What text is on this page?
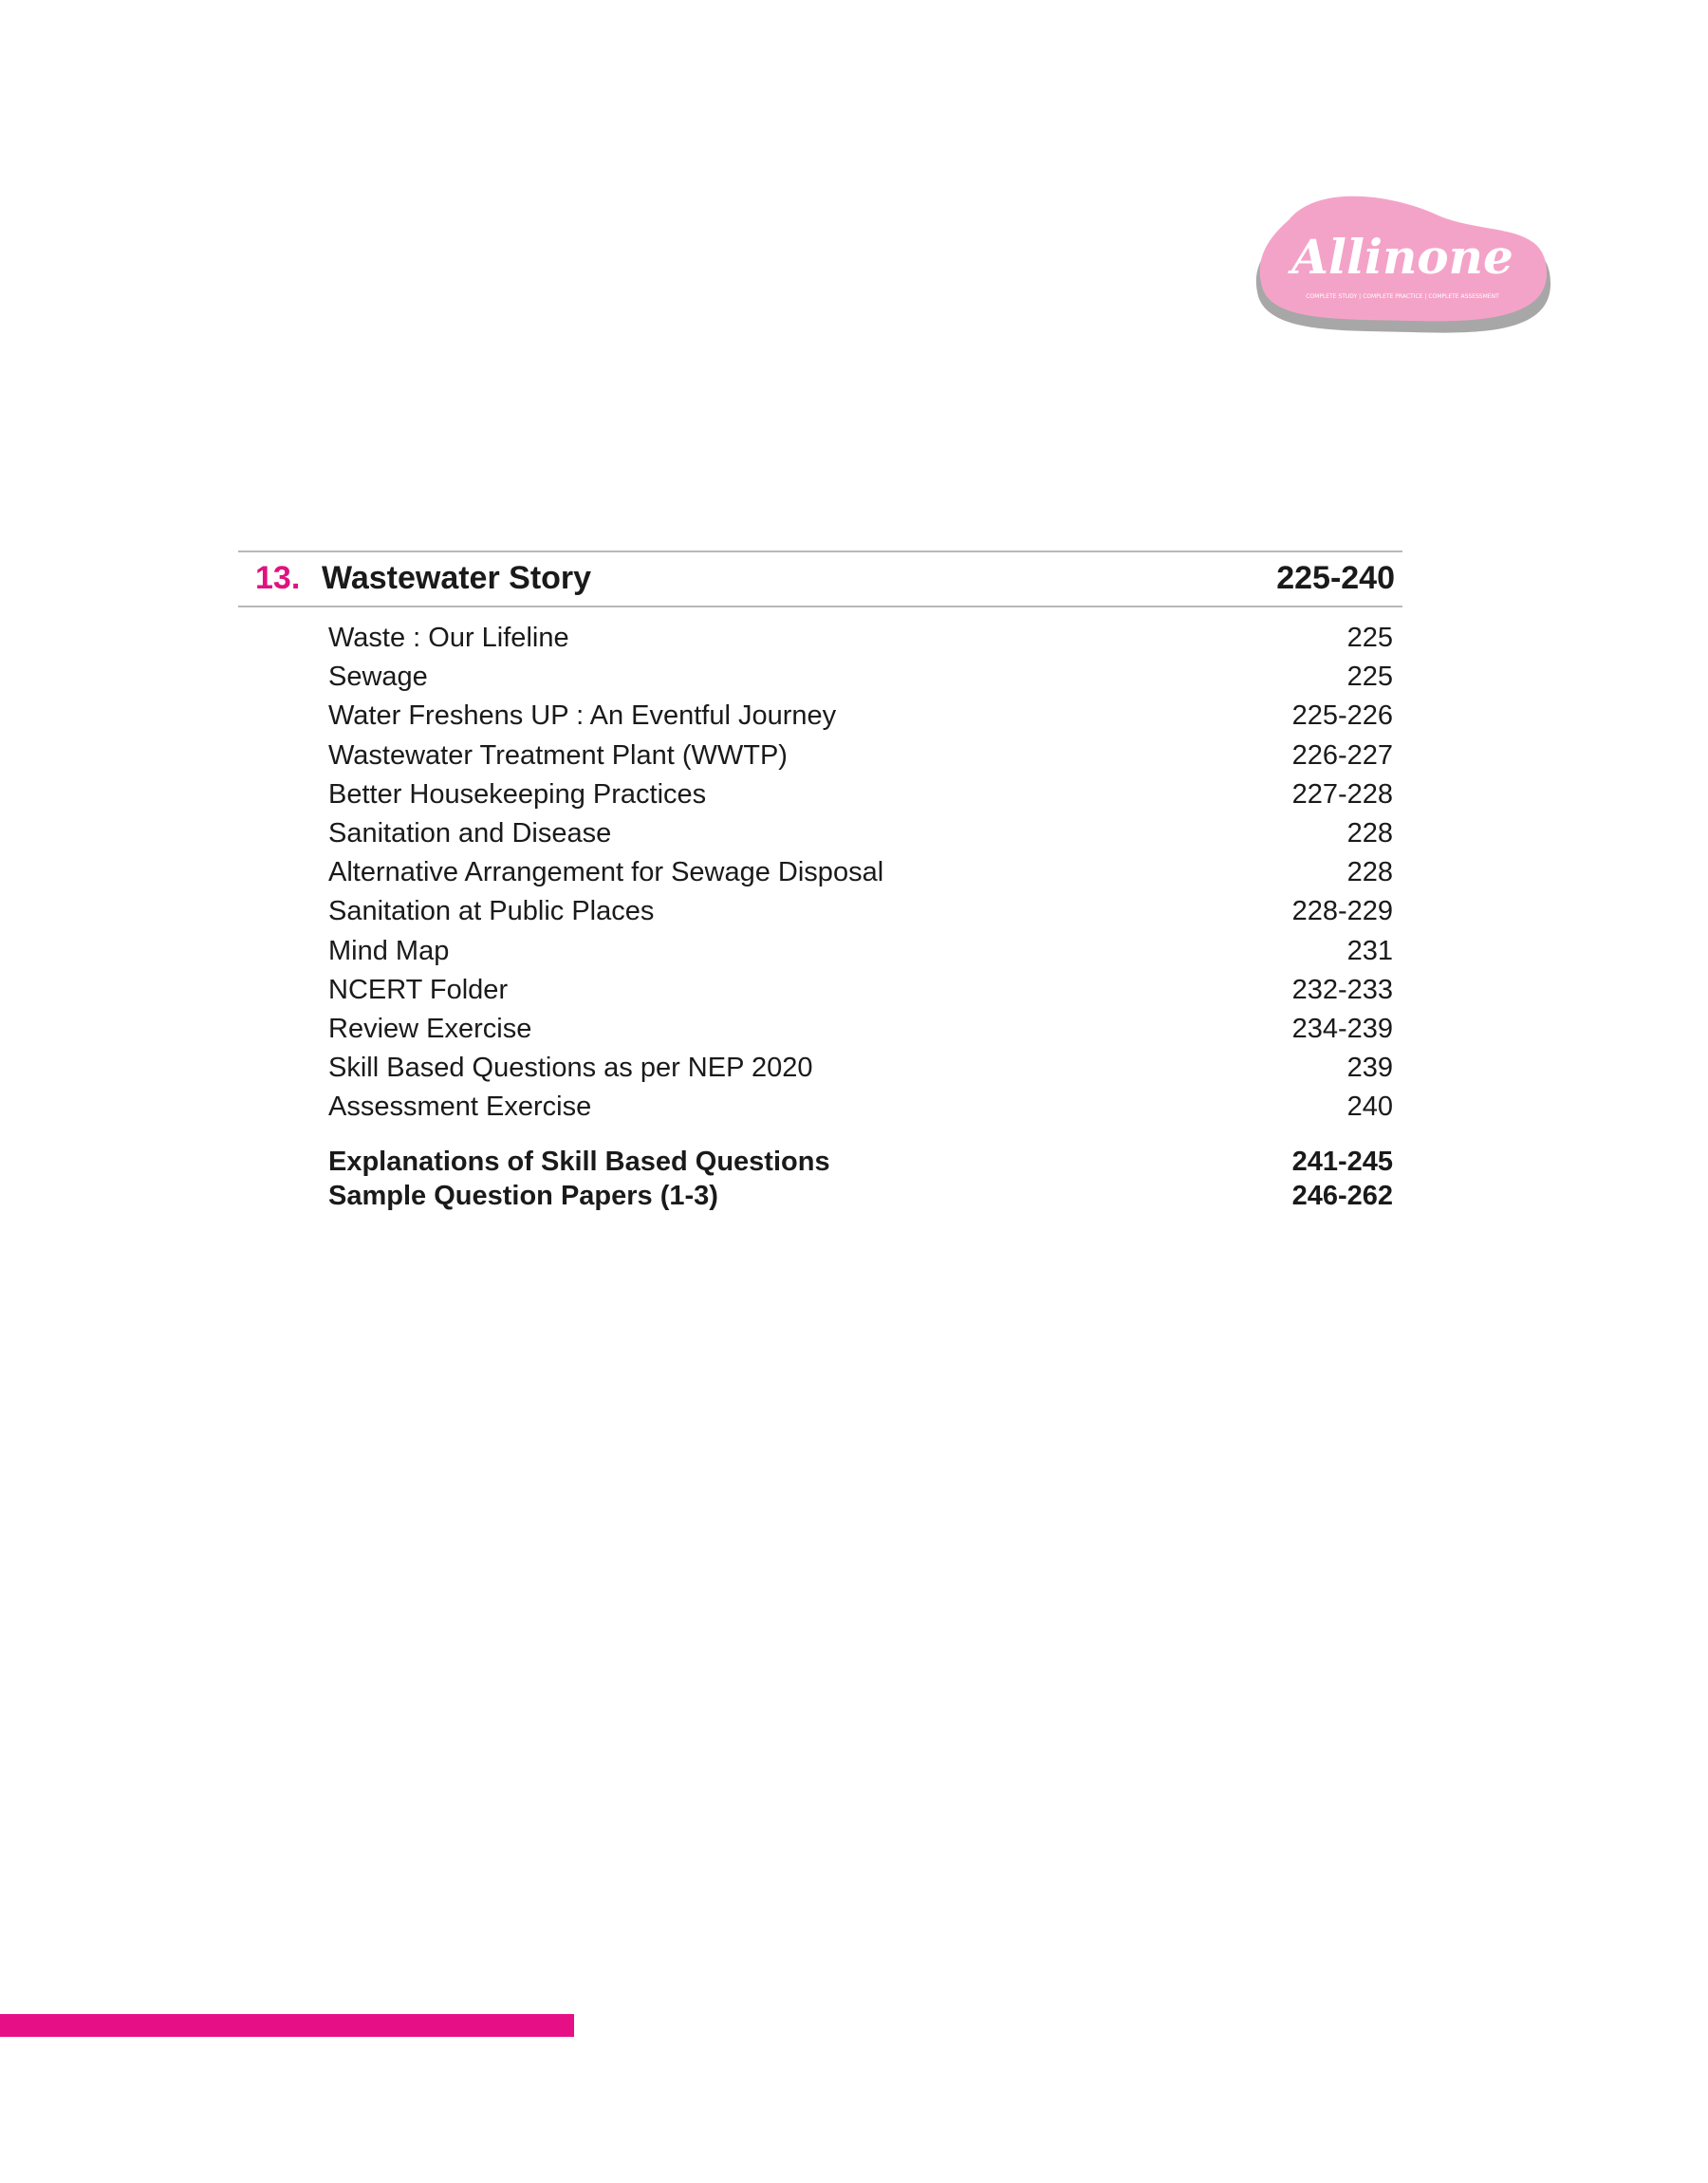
Allinone
COMPLETE STUDY | COMPLETE PRACTICE | COMPLETE ASSESSMENT
13. Wastewater Story	225-240
Waste : Our Lifeline	225
Sewage	225
Water Freshens UP : An Eventful Journey	225-226
Wastewater Treatment Plant (WWTP)	226-227
Better Housekeeping Practices	227-228
Sanitation and Disease	228
Alternative Arrangement for Sewage Disposal	228
Sanitation at Public Places	228-229
Mind Map	231
NCERT Folder	232-233
Review Exercise	234-239
Skill Based Questions as per NEP 2020	239
Assessment Exercise	240
Explanations of Skill Based Questions	241-245
Sample Question Papers (1-3)	246-262
